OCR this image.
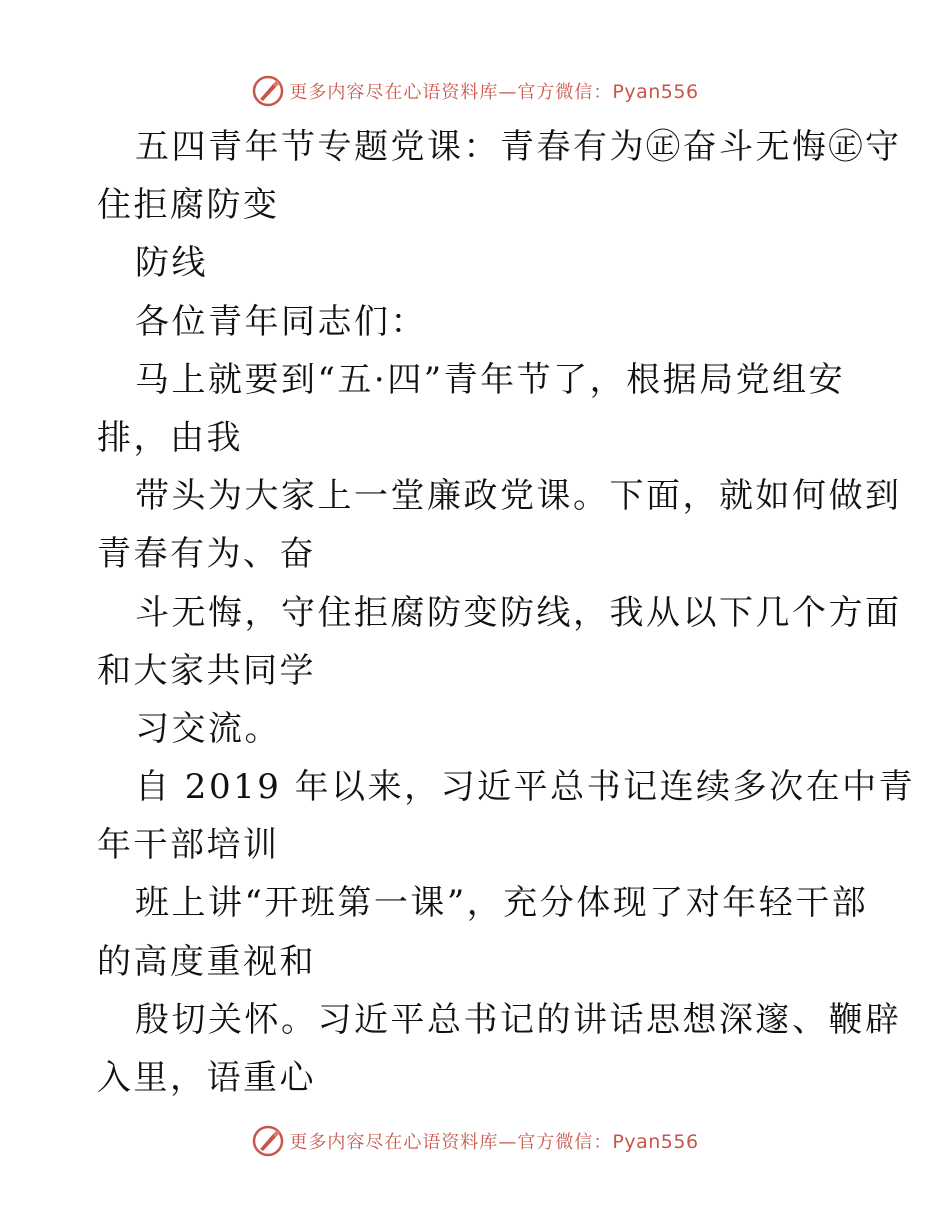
更多内容尽在心语资料库—官方微信：Pyan556
五四青年节专题党课：青春有为㊣奋斗无悔㊣守
住拒腐防变
防线
各位青年同志们：
马上就要到“五·四”青年节了，根据局党组安
排，由我
带头为大家上一堂廉政党课。下面，就如何做到
青春有为、奋
斗无悔，守住拒腐防变防线，我从以下几个方面
和大家共同学
习交流。
自 2019 年以来，习近平总书记连续多次在中青
年干部培训
班上讲“开班第一课”，充分体现了对年轻干部
的高度重视和
殷切关怀。习近平总书记的讲话思想深邃、鞭辟
入里，语重心
更多内容尽在心语资料库—官方微信：Pyan556
